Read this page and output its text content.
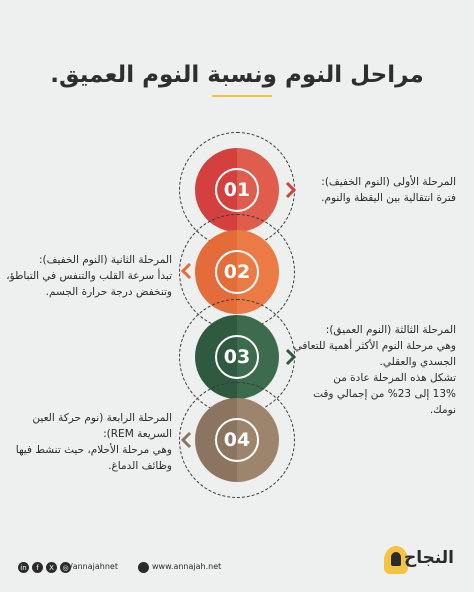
مراحل النوم ونسبة النوم العميق.
01	المرحلة الأولى (النوم الخفيف):
فترة انتقالية بين اليقظة والنوم.
02
المرحلة الثانية (النوم الخفيف):
تبدأ سرعة القلب والتنفس في التباطؤ،
وتنخفض درجة حرارة الجسم.
03
المرحلة الثالثة (النوم العميق):
وهي مرحلة النوم الأكثر أهمية للتعافي
الجسدي والعقلي.
تشكل هذه المرحلة عادة من
13% إلى 23% من إجمالي وقت نومك.
04
المرحلة الرابعة (نوم حركة العين
السريعة REM):
وهي مرحلة الأحلام، حيث تنشط فيها
وظائف الدماغ.
in	f	X	◎ /annajahnet	www.annajah.net	النجاح
